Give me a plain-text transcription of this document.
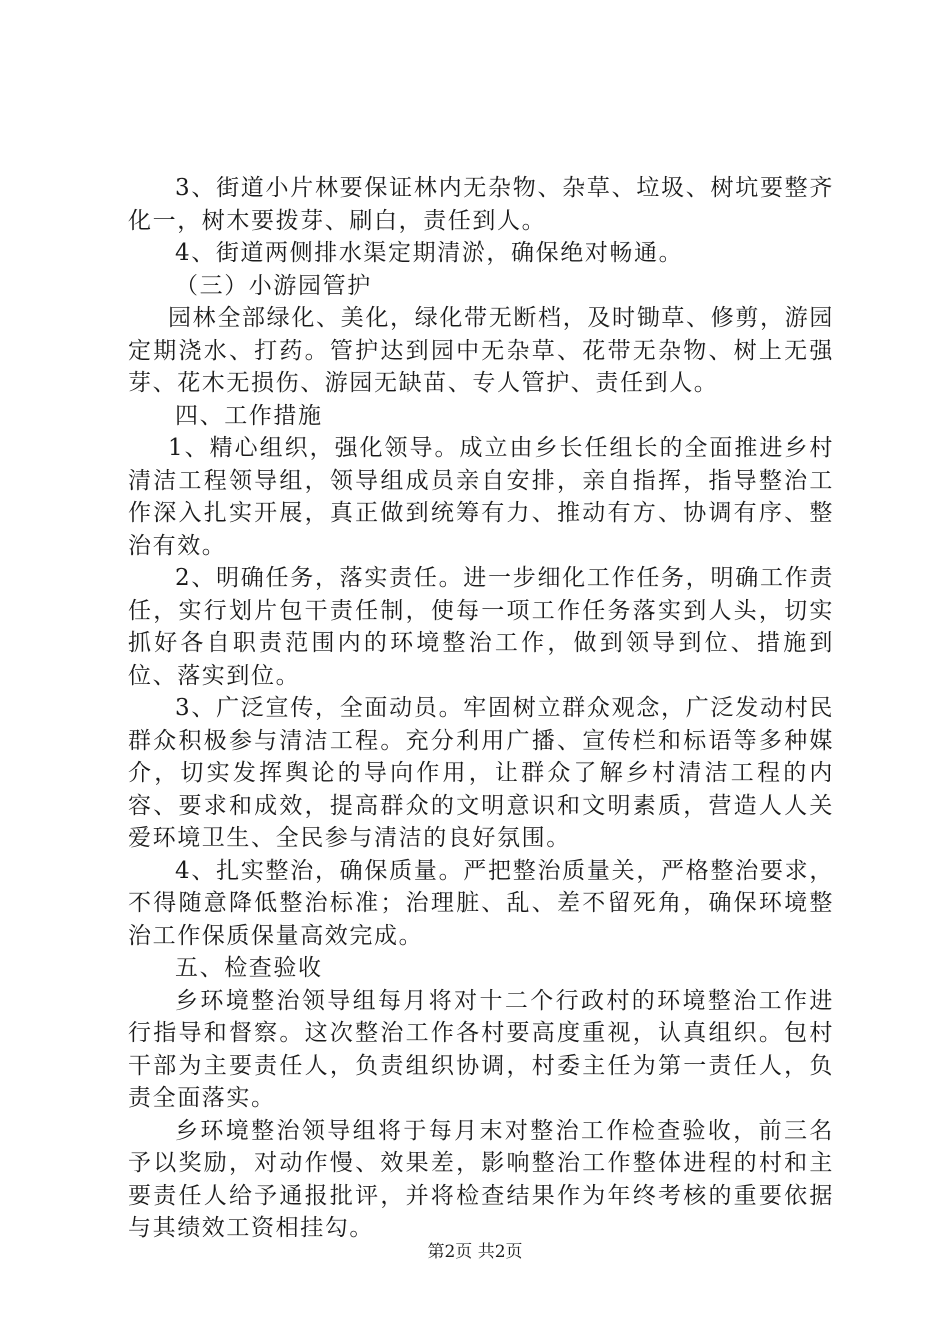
3、街道小片林要保证林内无杂物、杂草、垃圾、树坑要整齐化一，树木要拨芽、刷白，责任到人。

4、街道两侧排水渠定期清淤，确保绝对畅通。

（三）小游园管护

园林全部绿化、美化，绿化带无断档，及时锄草、修剪，游园定期浇水、打药。管护达到园中无杂草、花带无杂物、树上无强芽、花木无损伤、游园无缺苗、专人管护、责任到人。

四、工作措施

1、精心组织，强化领导。成立由乡长任组长的全面推进乡村清洁工程领导组，领导组成员亲自安排，亲自指挥，指导整治工作深入扎实开展，真正做到统筹有力、推动有方、协调有序、整治有效。

2、明确任务，落实责任。进一步细化工作任务，明确工作责任，实行划片包干责任制，使每一项工作任务落实到人头，切实抓好各自职责范围内的环境整治工作，做到领导到位、措施到位、落实到位。

3、广泛宣传，全面动员。牢固树立群众观念，广泛发动村民群众积极参与清洁工程。充分利用广播、宣传栏和标语等多种媒介，切实发挥舆论的导向作用，让群众了解乡村清洁工程的内容、要求和成效，提高群众的文明意识和文明素质，营造人人关爱环境卫生、全民参与清洁的良好氛围。

4、扎实整治，确保质量。严把整治质量关，严格整治要求，不得随意降低整治标准；治理脏、乱、差不留死角，确保环境整治工作保质保量高效完成。

五、检查验收

乡环境整治领导组每月将对十二个行政村的环境整治工作进行指导和督察。这次整治工作各村要高度重视，认真组织。包村干部为主要责任人，负责组织协调，村委主任为第一责任人，负责全面落实。

乡环境整治领导组将于每月末对整治工作检查验收，前三名予以奖励，对动作慢、效果差，影响整治工作整体进程的村和主要责任人给予通报批评，并将检查结果作为年终考核的重要依据与其绩效工资相挂勾。

第2页 共2页
